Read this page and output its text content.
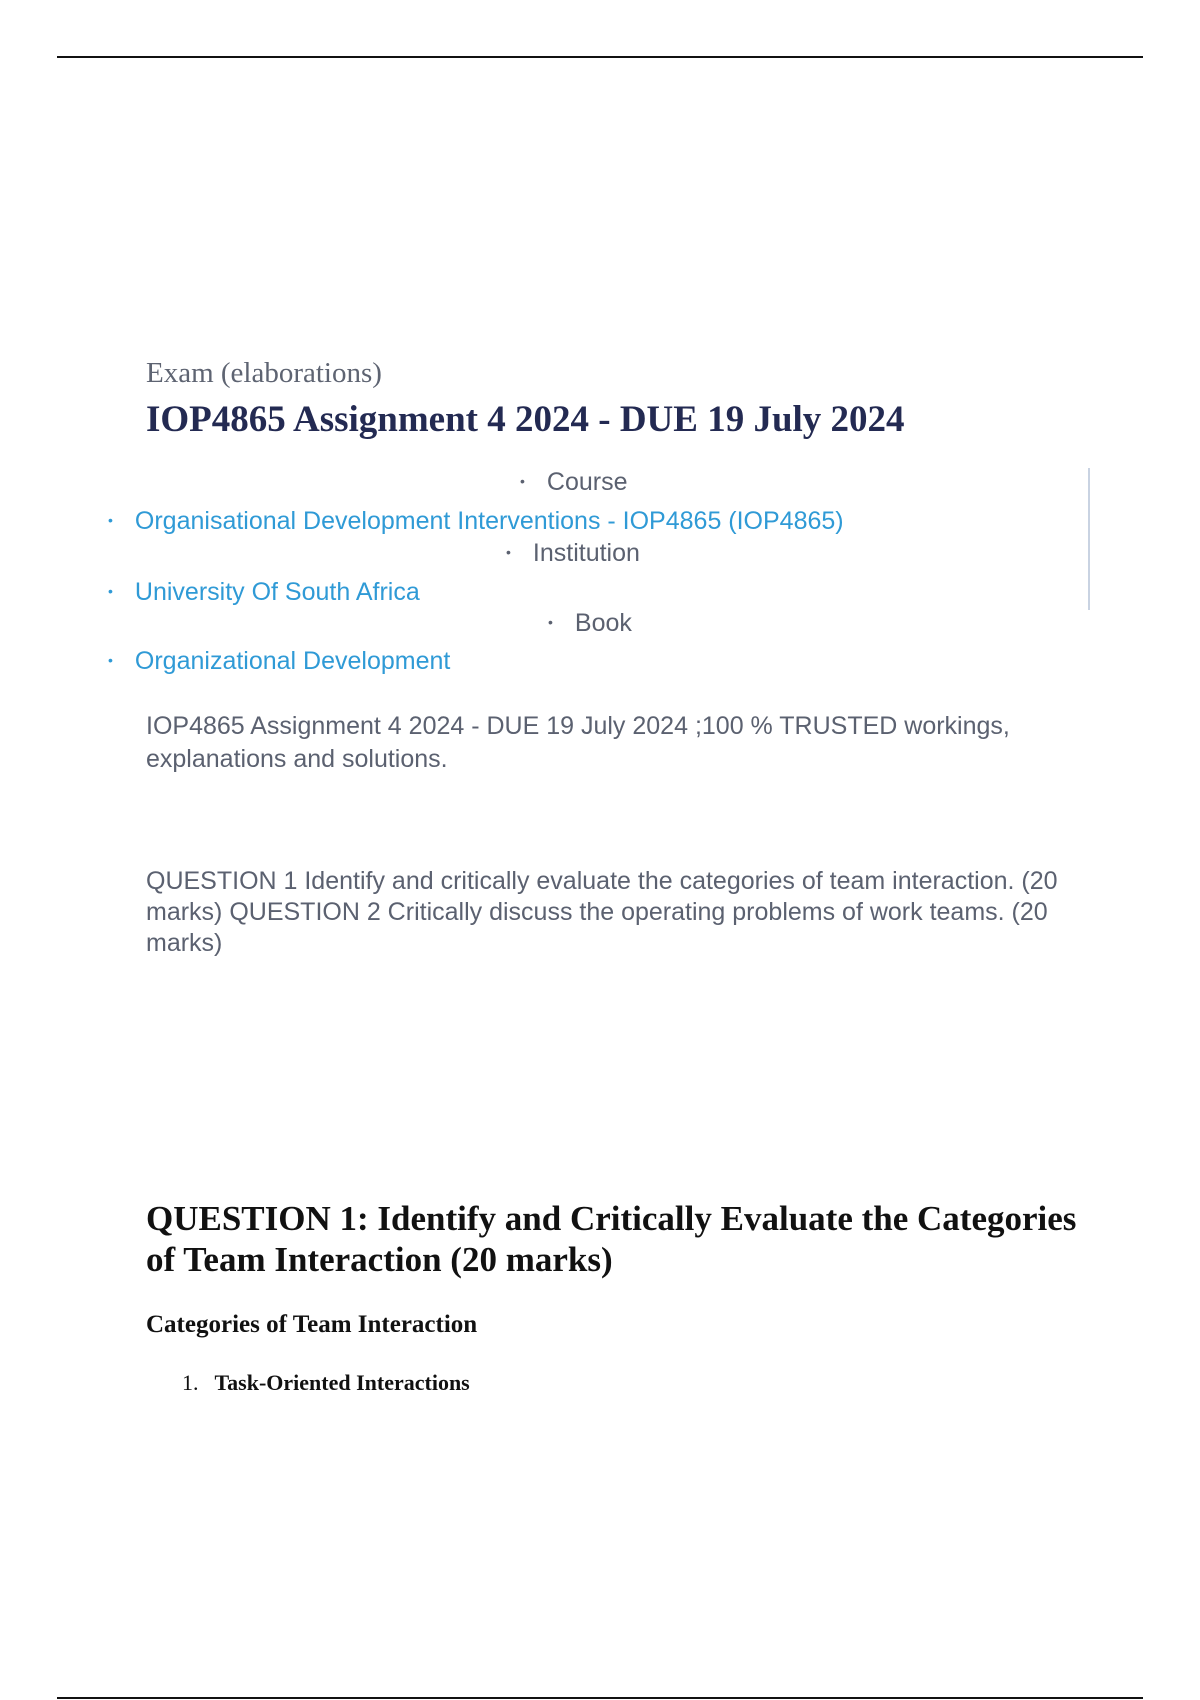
Exam (elaborations)
IOP4865 Assignment 4 2024 - DUE 19 July 2024
• Course
• Organisational Development Interventions - IOP4865 (IOP4865)
• Institution
• University Of South Africa
• Book
• Organizational Development

IOP4865 Assignment 4 2024 - DUE 19 July 2024 ;100 % TRUSTED workings, explanations and solutions.

QUESTION 1 Identify and critically evaluate the categories of team interaction. (20 marks) QUESTION 2 Critically discuss the operating problems of work teams. (20 marks)

QUESTION 1: Identify and Critically Evaluate the Categories of Team Interaction (20 marks)
Categories of Team Interaction
1. Task-Oriented Interactions
